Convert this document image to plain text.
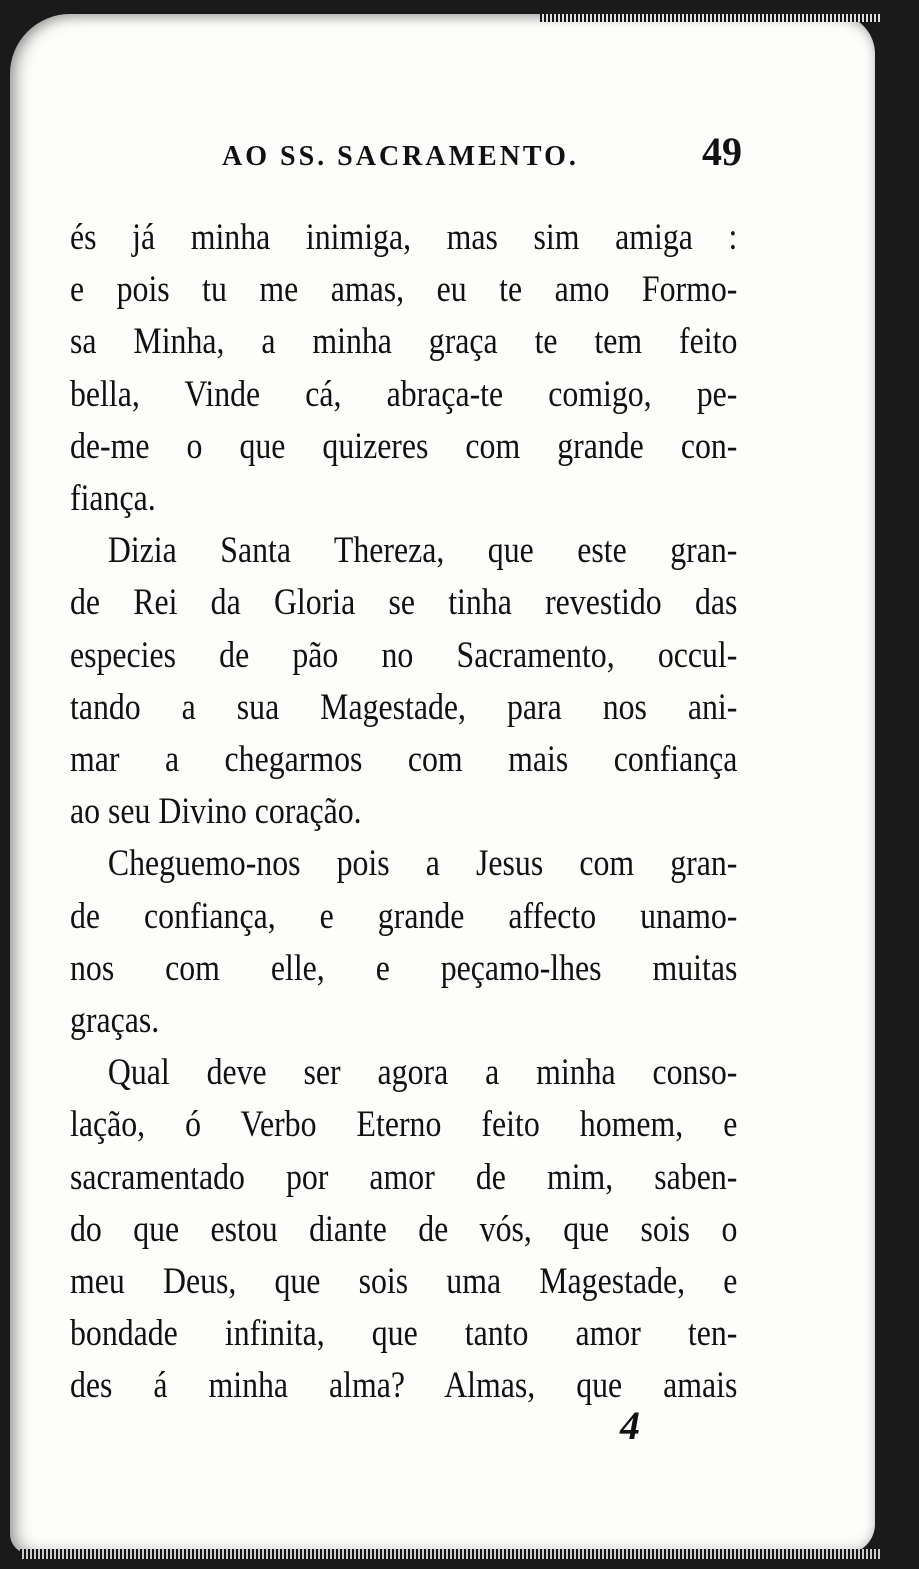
AO SS. SACRAMENTO.	49
és já minha inimiga, mas sim amiga :
e pois tu me amas, eu te amo Formo-
sa Minha, a minha graça te tem feito
bella, Vinde cá, abraça-te comigo, pe-
de-me o que quizeres com grande con-
fiança.
Dizia Santa Thereza, que este gran-
de Rei da Gloria se tinha revestido das
especies de pão no Sacramento, occul-
tando a sua Magestade, para nos ani-
mar a chegarmos com mais confiança
ao seu Divino coração.
Cheguemo-nos pois a Jesus com gran-
de confiança, e grande affecto unamo-
nos com elle, e peçamo-lhes muitas
graças.
Qual deve ser agora a minha conso-
lação, ó Verbo Eterno feito homem, e
sacramentado por amor de mim, saben-
do que estou diante de vós, que sois o
meu Deus, que sois uma Magestade, e
bondade infinita, que tanto amor ten-
des á minha alma? Almas, que amais
4
